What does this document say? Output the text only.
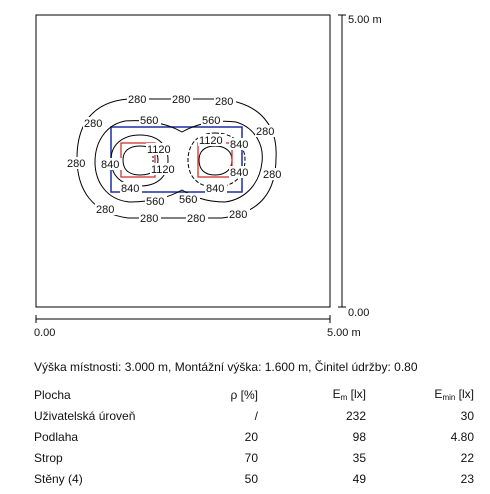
5.00 m
0.00
0.00	5.00 m
280 280 280
280
280
280
280
280	280
280	280
560	560
560 560
840
840
840
840	840
1120
1120
1120
Výška místnosti: 3.000 m, Montážní výška: 1.600 m, Činitel údržby: 0.80
Plocha	ρ [%]	$E_m$ [lx]	$E_{min}$ [lx]
Uživatelská úroveň	/	232	30
Podlaha	20	98	4.80
Strop	70	35	22
Stěny (4)	50	49	23
